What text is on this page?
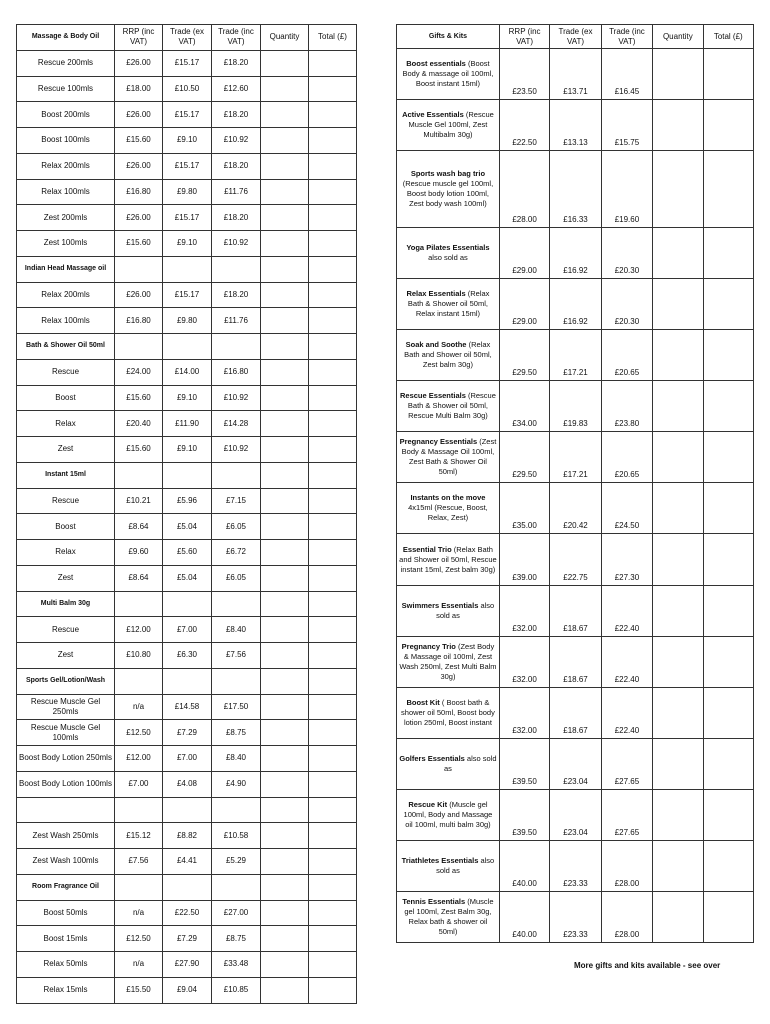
Massage & Body Oil	RRP (inc VAT)	Trade (ex VAT)	Trade (inc VAT)	Quantity	Total (£)
Rescue 200mls	£26.00	£15.17	£18.20		
Rescue 100mls	£18.00	£10.50	£12.60		
Boost 200mls	£26.00	£15.17	£18.20		
Boost 100mls	£15.60	£9.10	£10.92		
Relax 200mls	£26.00	£15.17	£18.20		
Relax 100mls	£16.80	£9.80	£11.76		
Zest 200mls	£26.00	£15.17	£18.20		
Zest 100mls	£15.60	£9.10	£10.92		
Indian Head Massage oil					
Relax 200mls	£26.00	£15.17	£18.20		
Relax 100mls	£16.80	£9.80	£11.76		
Bath & Shower Oil 50ml					
Rescue	£24.00	£14.00	£16.80		
Boost	£15.60	£9.10	£10.92		
Relax	£20.40	£11.90	£14.28		
Zest	£15.60	£9.10	£10.92		
Instant 15ml					
Rescue	£10.21	£5.96	£7.15		
Boost	£8.64	£5.04	£6.05		
Relax	£9.60	£5.60	£6.72		
Zest	£8.64	£5.04	£6.05		
Multi Balm 30g					
Rescue	£12.00	£7.00	£8.40		
Zest	£10.80	£6.30	£7.56		
Sports Gel/Lotion/Wash					
Rescue Muscle Gel 250mls	n/a	£14.58	£17.50		
Rescue Muscle Gel 100mls	£12.50	£7.29	£8.75		
Boost Body Lotion 250mls	£12.00	£7.00	£8.40		
Boost Body Lotion 100mls	£7.00	£4.08	£4.90		

Zest Wash 250mls	£15.12	£8.82	£10.58		
Zest Wash 100mls	£7.56	£4.41	£5.29		
Room Fragrance Oil					
Boost 50mls	n/a	£22.50	£27.00		
Boost 15mls	£12.50	£7.29	£8.75		
Relax 50mls	n/a	£27.90	£33.48		
Relax 15mls	£15.50	£9.04	£10.85		
Gifts & Kits	RRP (inc VAT)	Trade (ex VAT)	Trade (inc VAT)	Quantity	Total (£)
Boost essentials (Boost Body & massage oil 100ml, Boost instant 15ml)	£23.50	£13.71	£16.45		
Active Essentials (Rescue Muscle Gel 100ml, Zest Multibalm 30g)	£22.50	£13.13	£15.75		
Sports wash bag trio (Rescue muscle gel 100ml, Boost body lotion 100ml, Zest body wash 100ml)	£28.00	£16.33	£19.60		
Yoga Pilates Essentials also sold as	£29.00	£16.92	£20.30		
Relax Essentials (Relax Bath & Shower oil 50ml, Relax instant 15ml)	£29.00	£16.92	£20.30		
Soak and Soothe (Relax Bath and Shower oil 50ml, Zest balm 30g)	£29.50	£17.21	£20.65		
Rescue Essentials (Rescue Bath & Shower oil 50ml, Rescue Multi Balm 30g)	£34.00	£19.83	£23.80		
Pregnancy Essentials (Zest Body & Massage Oil 100ml, Zest Bath & Shower Oil 50ml)	£29.50	£17.21	£20.65		
Instants on the move 4x15ml (Rescue, Boost, Relax, Zest)	£35.00	£20.42	£24.50		
Essential Trio (Relax Bath and Shower oil 50ml, Rescue instant 15ml, Zest balm 30g)	£39.00	£22.75	£27.30		
Swimmers Essentials also sold as	£32.00	£18.67	£22.40		
Pregnancy Trio (Zest Body & Massage oil 100ml, Zest Wash 250ml, Zest Multi Balm 30g)	£32.00	£18.67	£22.40		
Boost Kit ( Boost bath & shower oil 50ml, Boost body lotion 250ml, Boost instant	£32.00	£18.67	£22.40		
Golfers Essentials also sold as	£39.50	£23.04	£27.65		
Rescue Kit (Muscle gel 100ml, Body and Massage oil 100ml, multi balm 30g)	£39.50	£23.04	£27.65		
Triathletes Essentials also sold as	£40.00	£23.33	£28.00		
Tennis Essentials (Muscle gel 100ml, Zest Balm 30g, Relax bath & shower oil 50ml)	£40.00	£23.33	£28.00		
More gifts and kits available - see over
